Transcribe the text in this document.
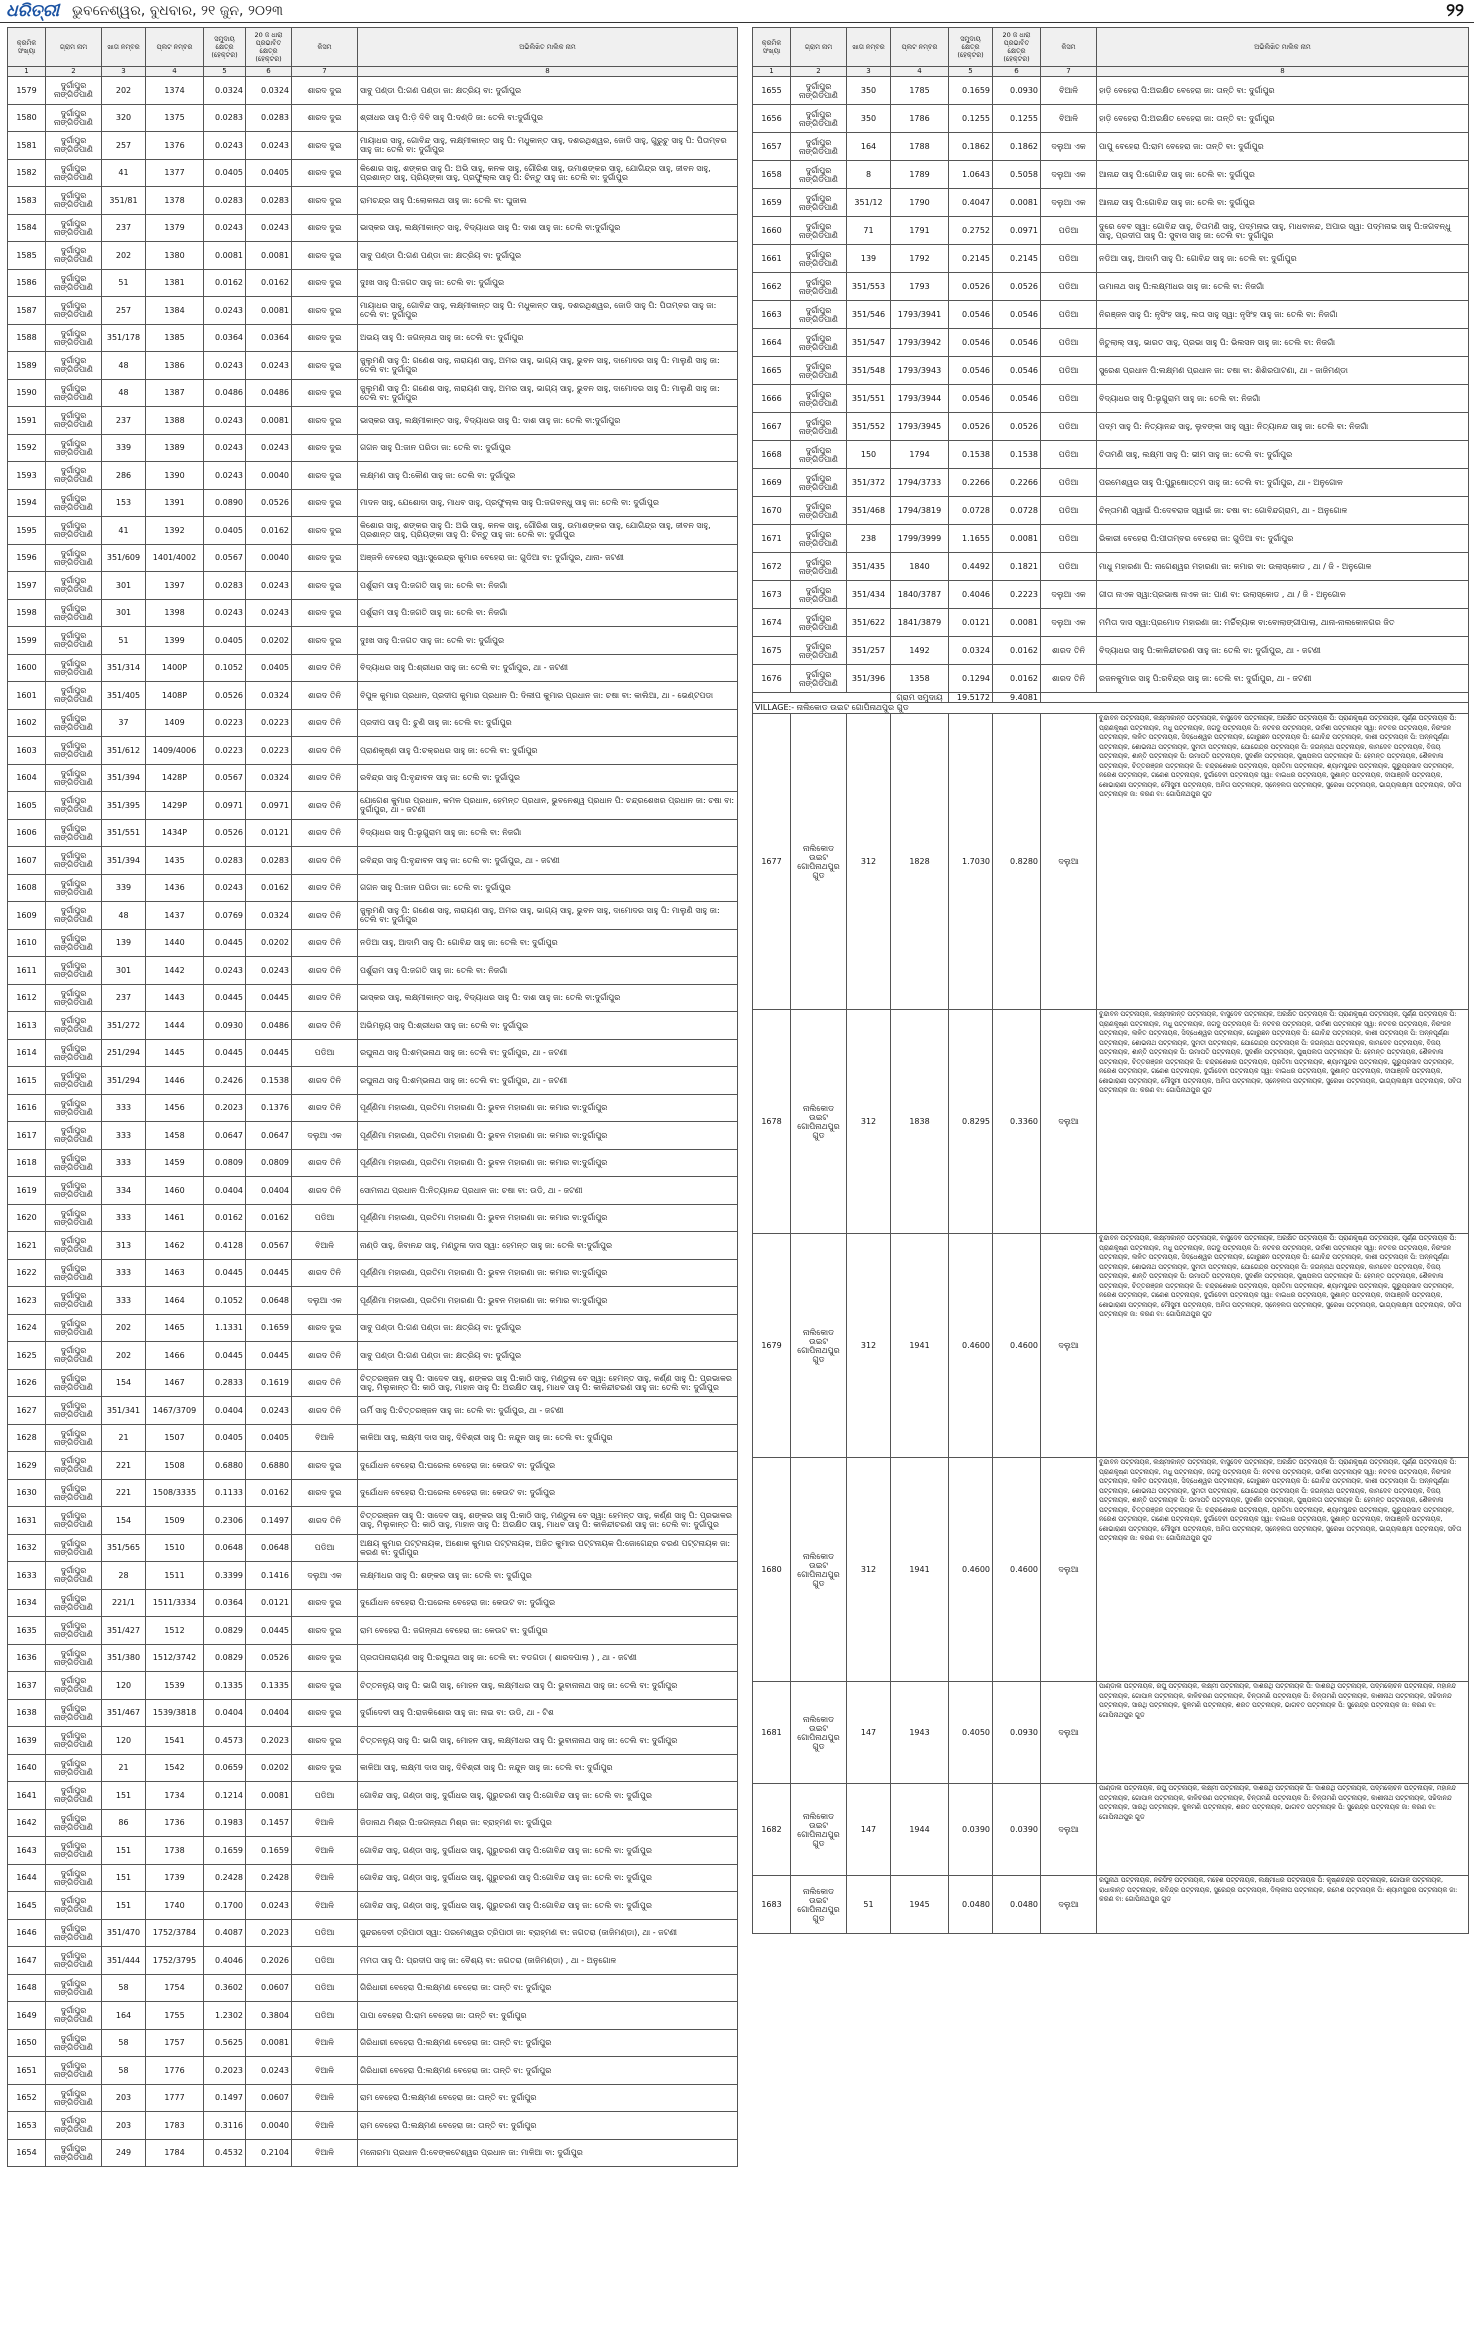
ଧରିତ୍ରୀ ଭୁବନେଶ୍ୱର, ବୁଧବାର, ୨୧ ଜୁନ, ୨୦୨୩	୨୨
କ୍ରମିକ ସଂଖ୍ୟା	ଗ୍ରାମ ନାମ	ଖାତା ନମ୍ବର	ପ୍ଲଟ ନମ୍ବର	ସମୁଦାୟ କ୍ଷେତ୍ର (ହେକ୍ଟର)	20 ଜ ଧାରା ପ୍ରଭାବିତ କ୍ଷେତ୍ର (ହେକ୍ଟର)	କିସମ	ଅଭିଲିଖିତ ମାଲିକ ନାମ
1	2	3	4	5	6	7	8
1579	ଦୁର୍ଗାପୁର ନାଙ୍ଗିଡିପାଣି	202	1374	0.0324	0.0324	ଶାରଦ ଦୁଇ	ସାବୁ ପଣ୍ଡା ପି:ଗଣ ପଣ୍ଡା ଜା: କ୍ଷତ୍ରିୟ ବା: ଦୁର୍ଗାପୁର
1580	ଦୁର୍ଗାପୁର ନାଙ୍ଗିଡିପାଣି	320	1375	0.0283	0.0283	ଶାରଦ ଦୁଇ	ଶ୍ରୀଧର ସାହୁ ପି:ଡ଼ି ଦିବି ସାହୁ ପି:ଦଣ୍ଡି ଜା: ତେଲି ବା:ଦୁର୍ଗାପୁର
1581	ଦୁର୍ଗାପୁର ନାଙ୍ଗିଡିପାଣି	257	1376	0.0243	0.0243	ଶାରଦ ଦୁଇ	ମାୟାଧର ସାହୁ, ଗୋବିନ୍ଦ ସାହୁ, ଲକ୍ଷ୍ମୀକାନ୍ତ ସାହୁ ପି: ମଧୁକାନ୍ତ ସାହୁ, ଦଶରଥିଶ୍ୱର, ଜୋଡି ସାହୁ, ଗୁରୁଚୁ ସାହୁ ପି: ପିତାମ୍ବର ସାହୁ ଜା: ତେଲି ବା: ଦୁର୍ଗାପୁର
1582	ଦୁର୍ଗାପୁର ନାଙ୍ଗିଡିପାଣି	41	1377	0.0405	0.0405	ଶାରଦ ଦୁଇ	କିଶୋର ସାହୁ, ଶଙ୍କର ସାହୁ ପି: ଅଭି ସାହୁ, କନକ ସାହୁ, ଗୌରିଶ ସାହୁ, ଉମାଶଙ୍କର ସାହୁ, ଯୋଗିନ୍ଦ୍ର ସାହୁ, ଜୀବନ ସାହୁ, ପ୍ରଶାନ୍ତ ସାହୁ, ପ୍ରିୟଙ୍କା ସାହୁ, ପ୍ରଫୁଲ୍ଲ ସାହୁ ପି: ଚିନ୍ତୁ ସାହୁ ଜା: ତେଲି ବା: ଦୁର୍ଗାପୁର
1583	ଦୁର୍ଗାପୁର ନାଙ୍ଗିଡିପାଣି	351/81	1378	0.0283	0.0283	ଶାରଦ ଦୁଇ	ରାମଚନ୍ଦ୍ର ସାହୁ ପି:ଲୋକନାଥ ସାହୁ ଜା: ତେଲି ବା: ଘୁଜାଲ
1584	ଦୁର୍ଗାପୁର ନାଙ୍ଗିଡିପାଣି	237	1379	0.0243	0.0243	ଶାରଦ ଦୁଇ	ଭାସ୍କର ସାହୁ, ଲକ୍ଷ୍ମୀକାନ୍ତ ସାହୁ, ବିଦ୍ୟାଧର ସାହୁ ପି: ଦାଶ ସାହୁ ଜା: ତେଲି ବା:ଦୁର୍ଗାପୁର
1585	ଦୁର୍ଗାପୁର ନାଙ୍ଗିଡିପାଣି	202	1380	0.0081	0.0081	ଶାରଦ ଦୁଇ	ସାବୁ ପଣ୍ଡା ପି:ଗଣ ପଣ୍ଡା ଜା: କ୍ଷତ୍ରିୟ ବା: ଦୁର୍ଗାପୁର
1586	ଦୁର୍ଗାପୁର ନାଙ୍ଗିଡିପାଣି	51	1381	0.0162	0.0162	ଶାରଦ ଦୁଇ	ଦୁଃଖ ସାହୁ ପି:ଜଗତ ସାହୁ ଜା: ତେଲି ବା: ଦୁର୍ଗାପୁର
1587	ଦୁର୍ଗାପୁର ନାଙ୍ଗିଡିପାଣି	257	1384	0.0243	0.0081	ଶାରଦ ଦୁଇ	ମାୟାଧର ସାହୁ, ଗୋବିନ୍ଦ ସାହୁ, ଲକ୍ଷ୍ମୀକାନ୍ତ ସାହୁ ପି: ମଧୁକାନ୍ତ ସାହୁ, ଦଶରଥିଶ୍ୱର, ଜୋଡି ସାହୁ ପି: ପିତାମ୍ବର ସାହୁ ଜା: ତେଲି ବା: ଦୁର୍ଗାପୁର
1588	ଦୁର୍ଗାପୁର ନାଙ୍ଗିଡିପାଣି	351/178	1385	0.0364	0.0364	ଶାରଦ ଦୁଇ	ଅଭୟ ସାହୁ ପି: ଜଗନ୍ନାଥ ସାହୁ ଜା: ତେଲି ବା: ଦୁର୍ଗାପୁର
1589	ଦୁର୍ଗାପୁର ନାଙ୍ଗିଡିପାଣି	48	1386	0.0243	0.0243	ଶାରଦ ଦୁଇ	ଜୁଲୁମଣି ସାହୁ ପି: ଗଣେଶ ସାହୁ, ନାରାୟଣ ସାହୁ, ଅମର ସାହୁ, ଭାଗ୍ୟ ସାହୁ, ଭୁବନ ସାହୁ, ଦାମୋଦର ସାହୁ ପି: ମାଲୁଣି ସାହୁ ଜା: ତେଲି ବା: ଦୁର୍ଗାପୁର
1590	ଦୁର୍ଗାପୁର ନାଙ୍ଗିଡିପାଣି	48	1387	0.0486	0.0486	ଶାରଦ ଦୁଇ	ଜୁଲୁମଣି ସାହୁ ପି: ଗଣେଶ ସାହୁ, ନାରାୟଣ ସାହୁ, ଅମର ସାହୁ, ଭାଗ୍ୟ ସାହୁ, ଭୁବନ ସାହୁ, ଦାମୋଦର ସାହୁ ପି: ମାଲୁଣି ସାହୁ ଜା: ତେଲି ବା: ଦୁର୍ଗାପୁର
1591	ଦୁର୍ଗାପୁର ନାଙ୍ଗିଡିପାଣି	237	1388	0.0243	0.0081	ଶାରଦ ଦୁଇ	ଭାସ୍କର ସାହୁ, ଲକ୍ଷ୍ମୀକାନ୍ତ ସାହୁ, ବିଦ୍ୟାଧର ସାହୁ ପି: ଦାଶ ସାହୁ ଜା: ତେଲି ବା:ଦୁର୍ଗାପୁର
1592	ଦୁର୍ଗାପୁର ନାଙ୍ଗିଡିପାଣି	339	1389	0.0243	0.0243	ଶାରଦ ଦୁଇ	ଗଗନ ସାହୁ ପି:ଜାନ ପରିଡା ଜା: ତେଲି ବା: ଦୁର୍ଗାପୁର
1593	ଦୁର୍ଗାପୁର ନାଙ୍ଗିଡିପାଣି	286	1390	0.0243	0.0040	ଶାରଦ ଦୁଇ	ଲକ୍ଷ୍ମଣ ସାହୁ ପି:କୌଣ ସାହୁ ଜା: ତେଲି ବା: ଦୁର୍ଗାପୁର
1594	ଦୁର୍ଗାପୁର ନାଙ୍ଗିଡିପାଣି	153	1391	0.0890	0.0526	ଶାରଦ ଦୁଇ	ମାଦନ ସାହୁ, ଯେଶୋଦା ସାହୁ, ମାଧବ ସାହୁ, ପ୍ରଫୁଲ୍ଲ ସାହୁ ପି:ଜଗବନ୍ଧୁ ସାହୁ ଜା: ତେଲି ବା: ଦୁର୍ଗାପୁର
1595	ଦୁର୍ଗାପୁର ନାଙ୍ଗିଡିପାଣି	41	1392	0.0405	0.0162	ଶାରଦ ଦୁଇ	କିଶୋର ସାହୁ, ଶଙ୍କର ସାହୁ ପି: ଅଭି ସାହୁ, କନକ ସାହୁ, ଗୌରିଶ ସାହୁ, ଉମାଶଙ୍କର ସାହୁ, ଯୋଗିନ୍ଦ୍ର ସାହୁ, ଜୀବନ ସାହୁ, ପ୍ରଶାନ୍ତ ସାହୁ, ପ୍ରିୟଙ୍କା ସାହୁ ପି: ଚିନ୍ତୁ ସାହୁ ଜା: ତେଲି ବା: ଦୁର୍ଗାପୁର
1596	ଦୁର୍ଗାପୁର ନାଙ୍ଗିଡିପାଣି	351/609	1401/4002	0.0567	0.0040	ଶାରଦ ଦୁଇ	ଅଞ୍ଜଳି ବେହେରା ସ୍ୱା:ସୁରେନ୍ଦ୍ର କୁମାର ବେହେରା ଜା: ଗୁଡିଆ ବା: ଦୁର୍ଗାପୁର, ଥାନା- ଜଟଣୀ
1597	ଦୁର୍ଗାପୁର ନାଙ୍ଗିଡିପାଣି	301	1397	0.0283	0.0243	ଶାରଦ ଦୁଇ	ପର୍ଶୁରାମ ସାହୁ ପି:ଜଗତି ସାହୁ ଜା: ତେଲି ବା: ନିଜଗାଁ
1598	ଦୁର୍ଗାପୁର ନାଙ୍ଗିଡିପାଣି	301	1398	0.0243	0.0243	ଶାରଦ ଦୁଇ	ପର୍ଶୁରାମ ସାହୁ ପି:ଜଗତି ସାହୁ ଜା: ତେଲି ବା: ନିଜଗାଁ
1599	ଦୁର୍ଗାପୁର ନାଙ୍ଗିଡିପାଣି	51	1399	0.0405	0.0202	ଶାରଦ ଦୁଇ	ଦୁଃଖ ସାହୁ ପି:ଜଗତ ସାହୁ ଜା: ତେଲି ବା: ଦୁର୍ଗାପୁର
1600	ଦୁର୍ଗାପୁର ନାଙ୍ଗିଡିପାଣି	351/314	1400P	0.1052	0.0405	ଶାରଦ ତିନି	ବିଦ୍ୟାଧର ସାହୁ ପି:ଶ୍ରୀଧର ସାହୁ ଜା: ତେଲି ବା: ଦୁର୍ଗାପୁର, ଥା - ଜଟଣୀ
1601	ଦୁର୍ଗାପୁର ନାଙ୍ଗିଡିପାଣି	351/405	1408P	0.0526	0.0324	ଶାରଦ ତିନି	ବିପୁଳ କୁମାର ପ୍ରଧାନ, ପ୍ରଦୀପ କୁମାର ପ୍ରଧାନ ପି: ଦିଲୀପ କୁମାର ପ୍ରଧାନ ଜା: ଚଷା ବା: କାଲିଆ, ଥା - ଭେଣ୍ଟପଡା
1602	ଦୁର୍ଗାପୁର ନାଙ୍ଗିଡିପାଣି	37	1409	0.0223	0.0223	ଶାରଦ ତିନି	ପ୍ରଦୀପ ସାହୁ ପି: ଚୁଣି ସାହୁ ଜା: ତେଲି ବା: ଦୁର୍ଗାପୁର
1603	ଦୁର୍ଗାପୁର ନାଙ୍ଗିଡିପାଣି	351/612	1409/4006	0.0223	0.0223	ଶାରଦ ତିନି	ପ୍ରାଣକୃଷ୍ଣ ସାହୁ ପି:ଚକ୍ରଧର ସାହୁ ଜା: ତେଲି ବା: ଦୁର୍ଗାପୁର
1604	ଦୁର୍ଗାପୁର ନାଙ୍ଗିଡିପାଣି	351/394	1428P	0.0567	0.0324	ଶାରଦ ତିନି	ରବିନ୍ଦ୍ର ସାହୁ ପି:ବୃନ୍ଦାବନ ସାହୁ ଜା: ତେଲି ବା: ଦୁର୍ଗାପୁର
1605	ଦୁର୍ଗାପୁର ନାଙ୍ଗିଡିପାଣି	351/395	1429P	0.0971	0.0971	ଶାରଦ ତିନି	ଯୋଗେଶ କୁମାର ପ୍ରଧାନ, କମଳ ପ୍ରଧାନ, ହେମନ୍ତ ପ୍ରଧାନ, ଭୁବନେଶ୍ୱ ପ୍ରଧାନ ପି: ଚନ୍ଦ୍ରଶେଖର ପ୍ରଧାନ ଜା: ଚଷା ବା: ଦୁର୍ଗାପୁର, ଥା - ଜଟଣୀ
1606	ଦୁର୍ଗାପୁର ନାଙ୍ଗିଡିପାଣି	351/551	1434P	0.0526	0.0121	ଶାରଦ ତିନି	ବିଦ୍ୟାଧର ସାହୁ ପି:ଭୃଗୁରାମ ସାହୁ ଜା: ତେଲି ବା: ନିଜଗାଁ
1607	ଦୁର୍ଗାପୁର ନାଙ୍ଗିଡିପାଣି	351/394	1435	0.0283	0.0283	ଶାରଦ ତିନି	ରବିନ୍ଦ୍ର ସାହୁ ପି:ବୃନ୍ଦାବନ ସାହୁ ଜା: ତେଲି ବା: ଦୁର୍ଗାପୁର, ଥା - ଜଟଣୀ
1608	ଦୁର୍ଗାପୁର ନାଙ୍ଗିଡିପାଣି	339	1436	0.0243	0.0162	ଶାରଦ ତିନି	ଗଗନ ସାହୁ ପି:ଜାନ ପରିଡା ଜା: ତେଲି ବା: ଦୁର୍ଗାପୁର
1609	ଦୁର୍ଗାପୁର ନାଙ୍ଗିଡିପାଣି	48	1437	0.0769	0.0324	ଶାରଦ ତିନି	ଜୁଲୁମଣି ସାହୁ ପି: ଗଣେଶ ସାହୁ, ନାରାୟଣ ସାହୁ, ଅମର ସାହୁ, ଭାଗ୍ୟ ସାହୁ, ଭୁବନ ସାହୁ, ଦାମୋଦର ସାହୁ ପି: ମାଲୁଣି ସାହୁ ଜା: ତେଲି ବା: ଦୁର୍ଗାପୁର
1610	ଦୁର୍ଗାପୁର ନାଙ୍ଗିଡିପାଣି	139	1440	0.0445	0.0202	ଶାରଦ ତିନି	ନଡିଆ ସାହୁ, ଆଦାମି ସାହୁ ପି: ଗୋବିନ୍ଦ ସାହୁ ଜା: ତେଲି ବା: ଦୁର୍ଗାପୁର
1611	ଦୁର୍ଗାପୁର ନାଙ୍ଗିଡିପାଣି	301	1442	0.0243	0.0243	ଶାରଦ ତିନି	ପର୍ଶୁରାମ ସାହୁ ପି:ଜଗତି ସାହୁ ଜା: ତେଲି ବା: ନିଜଗାଁ
1612	ଦୁର୍ଗାପୁର ନାଙ୍ଗିଡିପାଣି	237	1443	0.0445	0.0445	ଶାରଦ ତିନି	ଭାସ୍କର ସାହୁ, ଲକ୍ଷ୍ମୀକାନ୍ତ ସାହୁ, ବିଦ୍ୟାଧର ସାହୁ ପି: ଦାଶ ସାହୁ ଜା: ତେଲି ବା:ଦୁର୍ଗାପୁର
1613	ଦୁର୍ଗାପୁର ନାଙ୍ଗିଡିପାଣି	351/272	1444	0.0930	0.0486	ଶାରଦ ତିନି	ଅଭିମନ୍ୟୁ ସାହୁ ପି:ଶ୍ରୀଧର ସାହୁ ଜା: ତେଲି ବା: ଦୁର୍ଗାପୁର
1614	ଦୁର୍ଗାପୁର ନାଙ୍ଗିଡିପାଣି	251/294	1445	0.0445	0.0445	ପଡିଆ	ରଘୁନାଥ ସାହୁ ପି:ଶମ୍ଭନାଥ ସାହୁ ଜା: ତେଲି ବା: ଦୁର୍ଗାପୁର, ଥା - ଜଟଣୀ
1615	ଦୁର୍ଗାପୁର ନାଙ୍ଗିଡିପାଣି	351/294	1446	0.2426	0.1538	ଶାରଦ ତିନି	ରଘୁନାଥ ସାହୁ ପି:ଶମ୍ଭନାଥ ସାହୁ ଜା: ତେଲି ବା: ଦୁର୍ଗାପୁର, ଥା - ଜଟଣୀ
1616	ଦୁର୍ଗାପୁର ନାଙ୍ଗିଡିପାଣି	333	1456	0.2023	0.1376	ଶାରଦ ତିନି	ପୂର୍ଣ୍ଣିମା ମହାରଣା, ପ୍ରତିମା ମହାରଣା ପି: ଭୁବନ ମହାରଣା ଜା: କମାର ବା:ଦୁର୍ଗାପୁର
1617	ଦୁର୍ଗାପୁର ନାଙ୍ଗିଡିପାଣି	333	1458	0.0647	0.0647	ଦଲୁଆ ଏକ	ପୂର୍ଣ୍ଣିମା ମହାରଣା, ପ୍ରତିମା ମହାରଣା ପି: ଭୁବନ ମହାରଣା ଜା: କମାର ବା:ଦୁର୍ଗାପୁର
1618	ଦୁର୍ଗାପୁର ନାଙ୍ଗିଡିପାଣି	333	1459	0.0809	0.0809	ଶାରଦ ତିନି	ପୂର୍ଣ୍ଣିମା ମହାରଣା, ପ୍ରତିମା ମହାରଣା ପି: ଭୁବନ ମହାରଣା ଜା: କମାର ବା:ଦୁର୍ଗାପୁର
1619	ଦୁର୍ଗାପୁର ନାଙ୍ଗିଡିପାଣି	334	1460	0.0404	0.0404	ଶାରଦ ତିନି	ସୋମନାଥ ପ୍ରଧାନ ପି:ନିତ୍ୟାନନ୍ଦ ପ୍ରଧାନ ଜା: ଚଷା ବା: ଉଡି, ଥା - ଜଟଣୀ
1620	ଦୁର୍ଗାପୁର ନାଙ୍ଗିଡିପାଣି	333	1461	0.0162	0.0162	ପଡିଆ	ପୂର୍ଣ୍ଣିମା ମହାରଣା, ପ୍ରତିମା ମହାରଣା ପି: ଭୁବନ ମହାରଣା ଜା: କମାର ବା:ଦୁର୍ଗାପୁର
1621	ଦୁର୍ଗାପୁର ନାଙ୍ଗିଡିପାଣି	313	1462	0.4128	0.0567	ବିଆଳି	ନାଣ୍ଡି ସାହୁ, ଜିବାନନ୍ଦ ସାହୁ, ମଣ୍ଡୁଳା ଦାସ ସ୍ୱା: ହେମନ୍ତ ସାହୁ ଜା: ତେଲି ବା:ଦୁର୍ଗାପୁର
1622	ଦୁର୍ଗାପୁର ନାଙ୍ଗିଡିପାଣି	333	1463	0.0445	0.0445	ଶାରଦ ତିନି	ପୂର୍ଣ୍ଣିମା ମହାରଣା, ପ୍ରତିମା ମହାରଣା ପି: ଭୁବନ ମହାରଣା ଜା: କମାର ବା:ଦୁର୍ଗାପୁର
1623	ଦୁର୍ଗାପୁର ନାଙ୍ଗିଡିପାଣି	333	1464	0.1052	0.0648	ଦଲୁଆ ଏକ	ପୂର୍ଣ୍ଣିମା ମହାରଣା, ପ୍ରତିମା ମହାରଣା ପି: ଭୁବନ ମହାରଣା ଜା: କମାର ବା:ଦୁର୍ଗାପୁର
1624	ଦୁର୍ଗାପୁର ନାଙ୍ଗିଡିପାଣି	202	1465	1.1331	0.1659	ଶାରଦ ଦୁଇ	ସାବୁ ପଣ୍ଡା ପି:ଗଣ ପଣ୍ଡା ଜା: କ୍ଷତ୍ରିୟ ବା: ଦୁର୍ଗାପୁର
1625	ଦୁର୍ଗାପୁର ନାଙ୍ଗିଡିପାଣି	202	1466	0.0445	0.0445	ଶାରଦ ତିନି	ସାବୁ ପଣ୍ଡା ପି:ଗଣ ପଣ୍ଡା ଜା: କ୍ଷତ୍ରିୟ ବା: ଦୁର୍ଗାପୁର
1626	ଦୁର୍ଗାପୁର ନାଙ୍ଗିଡିପାଣି	154	1467	0.2833	0.1619	ଶାରଦ ତିନି	ଚିତ୍ତରଞ୍ଜନ ସାହୁ ପି: ସାଦେବ ସାହୁ, ଶଙ୍କର ସାହୁ ପି:କାଠି ସାହୁ, ମଣ୍ଡୁଳା ବେ ସ୍ୱା: ହେମନ୍ତ ସାହୁ, କର୍ଣ୍ଣ ସାହୁ ପି: ପ୍ରଭାକର ସାହୁ, ମିଲୁକାନ୍ତ ପି: କାଠି ସାହୁ, ମାହାନ ସାହୁ ପି: ଅରକ୍ଷିତ ସାହୁ, ମାଧବ ସାହୁ ପି: କାଳିନ୍ଦୀଚରଣ ସାହୁ ଜା: ତେଲି ବା: ଦୁର୍ଗାପୁର
1627	ଦୁର୍ଗାପୁର ନାଙ୍ଗିଡିପାଣି	351/341	1467/3709	0.0404	0.0243	ଶାରଦ ତିନି	ଉର୍ମି ସାହୁ ପି:ଚିତ୍ତରଞ୍ଜନ ସାହୁ ଜା: ତେଲି ବା: ଦୁର୍ଗାପୁର, ଥା - ଜଟଣୀ
1628	ଦୁର୍ଗାପୁର ନାଙ୍ଗିଡିପାଣି	21	1507	0.0405	0.0405	ବିଆଳି	କାଳିଆ ସାହୁ, ଲକ୍ଷ୍ମୀ ଦାସ ସାହୁ, ଦିବିଶ୍ରୀ ସାହୁ ପି: ନନ୍ଦୁନ ସାହୁ ଜା: ତେଲି ବା: ଦୁର୍ଗାପୁର
1629	ଦୁର୍ଗାପୁର ନାଙ୍ଗିଡିପାଣି	221	1508	0.6880	0.6880	ଶାରଦ ଦୁଇ	ଦୁର୍ଯୋଧନ ବେହେରା ପି:ଘରେଲ ବେହେରା ଜା: କେଉଟ ବା: ଦୁର୍ଗାପୁର
1630	ଦୁର୍ଗାପୁର ନାଙ୍ଗିଡିପାଣି	221	1508/3335	0.1133	0.0162	ଶାରଦ ଦୁଇ	ଦୁର୍ଯୋଧନ ବେହେରା ପି:ଘରେଲ ବେହେରା ଜା: କେଉଟ ବା: ଦୁର୍ଗାପୁର
1631	ଦୁର୍ଗାପୁର ନାଙ୍ଗିଡିପାଣି	154	1509	0.2306	0.1497	ଶାରଦ ତିନି	ଚିତ୍ତରଞ୍ଜନ ସାହୁ ପି: ସାଦେବ ସାହୁ, ଶଙ୍କର ସାହୁ ପି:କାଠି ସାହୁ, ମଣ୍ଡୁଳା ବେ ସ୍ୱା: ହେମନ୍ତ ସାହୁ, କର୍ଣ୍ଣ ସାହୁ ପି: ପ୍ରଭାକର ସାହୁ, ମିଲୁକାନ୍ତ ପି: କାଠି ସାହୁ, ମାହାନ ସାହୁ ପି: ଅରକ୍ଷିତ ସାହୁ, ମାଧବ ସାହୁ ପି: କାଳିନ୍ଦୀଚରଣ ସାହୁ ଜା: ତେଲି ବା: ଦୁର୍ଗାପୁର
1632	ଦୁର୍ଗାପୁର ନାଙ୍ଗିଡିପାଣି	351/565	1510	0.0648	0.0648	ପଡିଆ	ଅକ୍ଷୟ କୁମାର ପଟ୍ଟନାୟକ, ଅଶୋକ କୁମାର ପଟ୍ଟନାୟକ, ଅଜିତ କୁମାର ପଟ୍ଟନାୟକ ପି:ଜୋଗେନ୍ଦ୍ର ଚରଣ ପଟ୍ଟନାୟକ ଜା: କରଣ ବା: ଦୁର୍ଗାପୁର
1633	ଦୁର୍ଗାପୁର ନାଙ୍ଗିଡିପାଣି	28	1511	0.3399	0.1416	ଦଲୁଆ ଏକ	ଲକ୍ଷ୍ମୀଧର ସାହୁ ପି: ଶଙ୍କର ସାହୁ ଜା: ତେଲି ବା: ଦୁର୍ଗାପୁର
1634	ଦୁର୍ଗାପୁର ନାଙ୍ଗିଡିପାଣି	221/1	1511/3334	0.0364	0.0121	ଶାରଦ ଦୁଇ	ଦୁର୍ଯୋଧନ ବେହେରା ପି:ଘରେଲ ବେହେରା ଜା: କେଉଟ ବା: ଦୁର୍ଗାପୁର
1635	ଦୁର୍ଗାପୁର ନାଙ୍ଗିଡିପାଣି	351/427	1512	0.0829	0.0445	ଶାରଦ ଦୁଇ	ରାମ ବେହେରା ପି: ଜଗନ୍ନାଥ ବେହେରା ଜା: କେଉଟ ବା: ଦୁର୍ଗାପୁର
1636	ଦୁର୍ଗାପୁର ନାଙ୍ଗିଡିପାଣି	351/380	1512/3742	0.0829	0.0526	ଶାରଦ ଦୁଇ	ପ୍ରତାପନାରାୟଣ ସାହୁ ପି:ରଘୁନାଥ ସାହୁ ଜା: ତେଲି ବା: ବଡଗଡା ( ଶାରଦପାଲା ) , ଥା - ଜଟଣୀ
1637	ଦୁର୍ଗାପୁର ନାଙ୍ଗିଡିପାଣି	120	1539	0.1335	0.1335	ଶାରଦ ଦୁଇ	ଚିତ୍ତନନ୍ୟୁ ସାହୁ ପି: ଭାଗି ସାହୁ, ମୋହନ ସାହୁ, ଲକ୍ଷ୍ମୀଧର ସାହୁ ପି: ଭୁବାନାନାଥ ସାହୁ ଜା: ତେଲି ବା: ଦୁର୍ଗାପୁର
1638	ଦୁର୍ଗାପୁର ନାଙ୍ଗିଡିପାଣି	351/467	1539/3818	0.0404	0.0404	ଶାରଦ ଦୁଇ	ଦୁର୍ଗାଦେବୀ ସାହୁ ପି:ରାଜକିଶୋର ସାହୁ ଜା: ନାଇ ବା: ଉଡି, ଥା - ଟିଶ
1639	ଦୁର୍ଗାପୁର ନାଙ୍ଗିଡିପାଣି	120	1541	0.4573	0.2023	ଶାରଦ ଦୁଇ	ଚିତ୍ତନନ୍ୟୁ ସାହୁ ପି: ଭାଗି ସାହୁ, ମୋହନ ସାହୁ, ଲକ୍ଷ୍ମୀଧର ସାହୁ ପି: ଭୁବାନାନାଥ ସାହୁ ଜା: ତେଲି ବା: ଦୁର୍ଗାପୁର
1640	ଦୁର୍ଗାପୁର ନାଙ୍ଗିଡିପାଣି	21	1542	0.0659	0.0202	ଶାରଦ ଦୁଇ	କାଳିଆ ସାହୁ, ଲକ୍ଷ୍ମୀ ଦାସ ସାହୁ, ଦିବିଶ୍ରୀ ସାହୁ ପି: ନନ୍ଦୁନ ସାହୁ ଜା: ତେଲି ବା: ଦୁର୍ଗାପୁର
1641	ଦୁର୍ଗାପୁର ନାଙ୍ଗିଡିପାଣି	151	1734	0.1214	0.0081	ପଡିଆ	ଗୋବିନ୍ଦ ସାହୁ, ଗଣ୍ଡା ସାହୁ, ଦୁର୍ଗାଧର ସାହୁ, ଗୁରୁଚରଣ ସାହୁ ପି:ଗୋବିନ୍ଦ ସାହୁ ଜା: ତେଲି ବା: ଦୁର୍ଗାପୁର
1642	ଦୁର୍ଗାପୁର ନାଙ୍ଗିଡିପାଣି	86	1736	0.1983	0.1457	ବିଆଳି	ଜିଡାନାଥ ମିଶ୍ର ପି:ଜଗନ୍ନାଥ ମିଶ୍ର ଜା: ବ୍ରାହ୍ମଣ ବା: ଦୁର୍ଗାପୁର
1643	ଦୁର୍ଗାପୁର ନାଙ୍ଗିଡିପାଣି	151	1738	0.1659	0.1659	ବିଆଳି	ଗୋବିନ୍ଦ ସାହୁ, ଗଣ୍ଡା ସାହୁ, ଦୁର୍ଗାଧର ସାହୁ, ଗୁରୁଚରଣ ସାହୁ ପି:ଗୋବିନ୍ଦ ସାହୁ ଜା: ତେଲି ବା: ଦୁର୍ଗାପୁର
1644	ଦୁର୍ଗାପୁର ନାଙ୍ଗିଡିପାଣି	151	1739	0.2428	0.2428	ବିଆଳି	ଗୋବିନ୍ଦ ସାହୁ, ଗଣ୍ଡା ସାହୁ, ଦୁର୍ଗାଧର ସାହୁ, ଗୁରୁଚରଣ ସାହୁ ପି:ଗୋବିନ୍ଦ ସାହୁ ଜା: ତେଲି ବା: ଦୁର୍ଗାପୁର
1645	ଦୁର୍ଗାପୁର ନାଙ୍ଗିଡିପାଣି	151	1740	0.1700	0.0243	ବିଆଳି	ଗୋବିନ୍ଦ ସାହୁ, ଗଣ୍ଡା ସାହୁ, ଦୁର୍ଗାଧର ସାହୁ, ଗୁରୁଚରଣ ସାହୁ ପି:ଗୋବିନ୍ଦ ସାହୁ ଜା: ତେଲି ବା: ଦୁର୍ଗାପୁର
1646	ଦୁର୍ଗାପୁର ନାଙ୍ଗିଡିପାଣି	351/470	1752/3784	0.4087	0.2023	ପଡିଆ	ସୁନ୍ଦରଦେବୀ ତ୍ରିପାଠୀ ସ୍ୱା: ପରମେଶ୍ୱର ତ୍ରିପାଠୀ ଜା: ବ୍ରାହ୍ମଣ ବା: ଜଗତରା (ଜାଜିମଣ୍ଡା), ଥା - ଜଟଣୀ
1647	ଦୁର୍ଗାପୁର ନାଙ୍ଗିଡିପାଣି	351/444	1752/3795	0.4046	0.2026	ପଡିଆ	ମମତା ସାହୁ ପି: ପ୍ରଦୀପ ସାହୁ ଜା: ବୈଶ୍ୟ ବା: ଜଗତରା (ଜାଜିମଣ୍ଡା) , ଥା - ଅନୁଗୋଳ
1648	ଦୁର୍ଗାପୁର ନାଙ୍ଗିଡିପାଣି	58	1754	0.3602	0.0607	ପଡିଆ	ଗିରିଧାରୀ ବେହେରା ପି:ଲକ୍ଷ୍ମଣ ବେହେରା ଜା: ତାନ୍ତି ବା: ଦୁର୍ଗାପୁର
1649	ଦୁର୍ଗାପୁର ନାଙ୍ଗିଡିପାଣି	164	1755	1.2302	0.3804	ପଡିଆ	ପାପା ବେହେରା ପି:ରାମ ବେହେରା ଜା: ତାନ୍ତି ବା: ଦୁର୍ଗାପୁର
1650	ଦୁର୍ଗାପୁର ନାଙ୍ଗିଡିପାଣି	58	1757	0.5625	0.0081	ବିଆଳି	ଗିରିଧାରୀ ବେହେରା ପି:ଲକ୍ଷ୍ମଣ ବେହେରା ଜା: ତାନ୍ତି ବା: ଦୁର୍ଗାପୁର
1651	ଦୁର୍ଗାପୁର ନାଙ୍ଗିଡିପାଣି	58	1776	0.2023	0.0243	ବିଆଳି	ଗିରିଧାରୀ ବେହେରା ପି:ଲକ୍ଷ୍ମଣ ବେହେରା ଜା: ତାନ୍ତି ବା: ଦୁର୍ଗାପୁର
1652	ଦୁର୍ଗାପୁର ନାଙ୍ଗିଡିପାଣି	203	1777	0.1497	0.0607	ବିଆଳି	ରାମ ବେହେରା ପି:ଲକ୍ଷ୍ମଣ ବେହେରା ଜା: ତାନ୍ତି ବା: ଦୁର୍ଗାପୁର
1653	ଦୁର୍ଗାପୁର ନାଙ୍ଗିଡିପାଣି	203	1783	0.3116	0.0040	ବିଆଳି	ରାମ ବେହେରା ପି:ଲକ୍ଷ୍ମଣ ବେହେରା ଜା: ତାନ୍ତି ବା: ଦୁର୍ଗାପୁର
1654	ଦୁର୍ଗାପୁର ନାଙ୍ଗିଡିପାଣି	249	1784	0.4532	0.2104	ବିଆଳି	ମନୋରମା ପ୍ରଧାନ ପି:ବେଙ୍କଟେଶ୍ୱର ପ୍ରଧାନ ଜା: ମାଳିଆ ବା: ଦୁର୍ଗାପୁର
କ୍ରମିକ ସଂଖ୍ୟା	ଗ୍ରାମ ନାମ	ଖାତା ନମ୍ବର	ପ୍ଲଟ ନମ୍ବର	ସମୁଦାୟ କ୍ଷେତ୍ର (ହେକ୍ଟର)	20 ଜ ଧାରା ପ୍ରଭାବିତ କ୍ଷେତ୍ର (ହେକ୍ଟର)	କିସମ	ଅଭିଲିଖିତ ମାଲିକ ନାମ
1	2	3	4	5	6	7	8
1655	ଦୁର୍ଗାପୁର ନାଙ୍ଗିଡିପାଣି	350	1785	0.1659	0.0930	ବିଆଳି	ହାଡ଼ି ବେହେରା ପି:ଅରକ୍ଷିତ ବେହେରା ଜା: ତାନ୍ତି ବା: ଦୁର୍ଗାପୁର
1656	ଦୁର୍ଗାପୁର ନାଙ୍ଗିଡିପାଣି	350	1786	0.1255	0.1255	ବିଆଳି	ହାଡ଼ି ବେହେରା ପି:ଅରକ୍ଷିତ ବେହେରା ଜା: ତାନ୍ତି ବା: ଦୁର୍ଗାପୁର
1657	ଦୁର୍ଗାପୁର ନାଙ୍ଗିଡିପାଣି	164	1788	0.1862	0.1862	ଦଲୁଆ ଏକ	ପାପୁ ବେହେରା ପି:ରାମ ବେହେରା ଜା: ତାନ୍ତି ବା: ଦୁର୍ଗାପୁର
1658	ଦୁର୍ଗାପୁର ନାଙ୍ଗିଡିପାଣି	8	1789	1.0643	0.5058	ଦଲୁଆ ଏକ	ଆନାନ୍ଦ ସାହୁ ପି:ଗୋବିନ୍ଦ ସାହୁ ଜା: ତେଲି ବା: ଦୁର୍ଗାପୁର
1659	ଦୁର୍ଗାପୁର ନାଙ୍ଗିଡିପାଣି	351/12	1790	0.4047	0.0081	ଦଲୁଆ ଏକ	ଆନାନ୍ଦ ସାହୁ ପି:ଗୋବିନ୍ଦ ସାହୁ ଜା: ତେଲି ବା: ଦୁର୍ଗାପୁର
1660	ଦୁର୍ଗାପୁର ନାଙ୍ଗିଡିପାଣି	71	1791	0.2752	0.0971	ପଡିଆ	ଦୁରେ ବେବ ସ୍ୱା: ଗୋବିନ୍ଦ ସାହୁ, ଚିତାମଣି ସାହୁ, ପଦ୍ମନାଭ ସାହୁ, ମାଧବାନନ୍ଦ, ଅପାର ସ୍ୱା: ପଦ୍ମନାଭ ସାହୁ ପି:ଜଗବନ୍ଧୁ ସାହୁ, ପ୍ରଦୀପ ସାହୁ ପି: ସୁବାସ ସାହୁ ଜା: ତେଲି ବା: ଦୁର୍ଗାପୁର
1661	ଦୁର୍ଗାପୁର ନାଙ୍ଗିଡିପାଣି	139	1792	0.2145	0.2145	ପଡିଆ	ନଡିଆ ସାହୁ, ଆଦାମି ସାହୁ ପି: ଗୋବିନ୍ଦ ସାହୁ ଜା: ତେଲି ବା: ଦୁର୍ଗାପୁର
1662	ଦୁର୍ଗାପୁର ନାଙ୍ଗିଡିପାଣି	351/553	1793	0.0526	0.0526	ପଡିଆ	ଉମାନାଥ ସାହୁ ପି:ଲକ୍ଷ୍ମୀଧର ସାହୁ ଜା: ତେଲି ବା: ନିଜଗାଁ
1663	ଦୁର୍ଗାପୁର ନାଙ୍ଗିଡିପାଣି	351/546	1793/3941	0.0546	0.0546	ପଡିଆ	ନିରଞ୍ଜନ ସାହୁ ପି: ନୃସିଂହ ସାହୁ, ଲତା ସାହୁ ସ୍ୱା: ନୃସିଂହ ସାହୁ ଜା: ତେଲି ବା: ନିଜଗାଁ
1664	ଦୁର୍ଗାପୁର ନାଙ୍ଗିଡିପାଣି	351/547	1793/3942	0.0546	0.0546	ପଡିଆ	ଜିତୁଲାଲ୍ ସାହୁ, ଭାରତ ସାହୁ, ପ୍ରଭା ସାହୁ ପି: ଭିଲସନ ସାହୁ ଜା: ତେଲି ବା: ନିଜଗାଁ
1665	ଦୁର୍ଗାପୁର ନାଙ୍ଗିଡିପାଣି	351/548	1793/3943	0.0546	0.0546	ପଡିଆ	ସୁରେଶ ପ୍ରଧାନ ପି:ଲକ୍ଷ୍ମଣ ପ୍ରଧାନ ଜା: ଚଷା ବା: ଶିଶିରପାଟଣା, ଥା - ଜାଜିମଣ୍ଡା
1666	ଦୁର୍ଗାପୁର ନାଙ୍ଗିଡିପାଣି	351/551	1793/3944	0.0546	0.0546	ପଡିଆ	ବିଦ୍ୟାଧର ସାହୁ ପି:ଭୃଗୁରାମ ସାହୁ ଜା: ତେଲି ବା: ନିଜଗାଁ
1667	ଦୁର୍ଗାପୁର ନାଙ୍ଗିଡିପାଣି	351/552	1793/3945	0.0526	0.0526	ପଡିଆ	ପଦ୍ମ ସାହୁ ପି: ନିତ୍ୟାନନ୍ଦ ସାହୁ, ଲୁବଙ୍କା ସାହୁ ସ୍ୱା: ନିତ୍ୟାନନ୍ଦ ସାହୁ ଜା: ତେଲି ବା: ନିଜଗାଁ
1668	ଦୁର୍ଗାପୁର ନାଙ୍ଗିଡିପାଣି	150	1794	0.1538	0.1538	ପଡିଆ	ଚିତାମଣି ସାହୁ, ଲକ୍ଷ୍ମୀ ସାହୁ ପି: ଭୀମ ସାହୁ ଜା: ତେଲି ବା: ଦୁର୍ଗାପୁର
1669	ଦୁର୍ଗାପୁର ନାଙ୍ଗିଡିପାଣି	351/372	1794/3733	0.2266	0.2266	ପଡିଆ	ପରମେଶ୍ୱର ସାହୁ ପି:ପୁରୁଷୋତ୍ତମ ସାହୁ ଜା: ତେଲି ବା: ଦୁର୍ଗାପୁର, ଥା - ଅନୁଗୋଳ
1670	ଦୁର୍ଗାପୁର ନାଙ୍ଗିଡିପାଣି	351/468	1794/3819	0.0728	0.0728	ପଡିଆ	ଚିନ୍ତାମଣି ସ୍ୱାଇଁ ପି:ଦେବରାଜ ସ୍ୱାଇଁ ଜା: ଚଷା ବା: ଗୋବିନ୍ଦଗ୍ରାମ, ଥା - ଅନୁଗୋଳ
1671	ଦୁର୍ଗାପୁର ନାଙ୍ଗିଡିପାଣି	238	1799/3999	1.1655	0.0081	ପଡିଆ	ଭିକାରୀ ବେହେରା ପି:ପୀତାମ୍ବର ବେହେରା ଜା: ଗୁଡିଆ ବା: ଦୁର୍ଗାପୁର
1672	ଦୁର୍ଗାପୁର ନାଙ୍ଗିଡିପାଣି	351/435	1840	0.4492	0.1821	ପଡିଆ	ମାଧୁ ମହାରଣା ପି: ନାଗେଶ୍ୱର ମହାରଣା ଜା: କମାର ବା: ଉଲାସ୍କୋଡ , ଥା / ଜି - ଅନୁଗୋଳ
1673	ଦୁର୍ଗାପୁର ନାଙ୍ଗିଡିପାଣି	351/434	1840/3787	0.4046	0.2223	ଦଲୁଆ ଏକ	ଗୀତା ନାଏକ ସ୍ୱା:ପ୍ରଭାଷ ନାଏକ ଜା: ପାଣ ବା: ଉଲାସ୍କୋଡ , ଥା / ଜି - ଅନୁଗୋଳ
1674	ଦୁର୍ଗାପୁର ନାଙ୍ଗିଡିପାଣି	351/622	1841/3879	0.0121	0.0081	ଦଲୁଆ ଏକ	ମମିତା ଦାସ ସ୍ୱା:ପ୍ରମୋଦ ମହାରଣା ଜା: ମର୍ଚ୍ଚିବ୍ୟାକ ବା:ବୋଲାଙ୍ଗୀପାଲା, ଥାନା-ନାଲକୋନଗର ଜିତ
1675	ଦୁର୍ଗାପୁର ନାଙ୍ଗିଡିପାଣି	351/257	1492	0.0324	0.0162	ଶାରଦ ତିନି	ବିଦ୍ୟାଧର ସାହୁ ପି:କାଳିନ୍ଦୀଚରଣ ସାହୁ ଜା: ତେଲି ବା: ଦୁର୍ଗାପୁର, ଥା - ଜଟଣୀ
1676	ଦୁର୍ଗାପୁର ନାଙ୍ଗିଡିପାଣି	351/396	1358	0.1294	0.0162	ଶାରଦ ତିନି	ରଜନକୁମାର ସାହୁ ପି:ରବିନ୍ଦ୍ର ସାହୁ ଜା: ତେଲି ବା: ଦୁର୍ଗାପୁର, ଥା - ଜଟଣୀ
			ଗ୍ରାମ ସମୁଦାୟ	19.5172	9.4081		
VILLAGE:- ନାଲିକୋଡ ଉଇଟ ଗୋପିନାଥପୁର ଗୁଡ							
1677	ନାଲିକୋଡ ଉଇଟ ଗୋପିନାଥପୁର ଗୁଡ	312	1828	1.7030	0.8280	ଦଲୁଆ	ବୁନ୍ଦାବନ ପଟ୍ଟନାୟକ, ଲକ୍ଷ୍ମୀକାନ୍ତ ପଟ୍ଟନାୟକ, ବାସୁଦେବ ପଟ୍ଟନାୟକ, ଅରକ୍ଷିତ ପଟ୍ଟନାୟକ ପି: ପ୍ରାଣକୃଷ୍ଣ ପଟ୍ଟନାୟକ, ପୂର୍ଣ୍ଣ ପଟ୍ଟନାୟକ ପି: ପ୍ରାଣକୃଷ୍ଣ ପଟ୍ଟନାୟକ, ମଧୁ ପଟ୍ଟନାୟକ, ଜଗଦୁ ପଟ୍ଟନାୟକ ପି: ନଟବର ପଟ୍ଟନାୟକ, ଉର୍ବଶୀ ପଟ୍ଟନାୟକ ସ୍ୱା: ନଟବର ପଟ୍ଟନାୟକ, ନିରଂଜନ ପଟ୍ଟନାୟକ, ଲଳିତ ପଟ୍ଟନାୟକ, ସିଦ୍ଧେଶ୍ୱର ପଟ୍ଟନାୟକ, ଗୋରୁଛନ ପଟ୍ଟନାୟକ ପି: ଗୋବିନ୍ଦ ପଟ୍ଟନାୟକ, କାଶୀ ପଟ୍ଟନାୟକ ପି: ଅନ୍ନପୂର୍ଣ୍ଣା ପଟ୍ଟନାୟକ, ଶୋଭନାଥ ପଟ୍ଟନାୟକ, ସୁମତୀ ପଟ୍ଟନାୟକ, ଯୋଗେନ୍ଦ୍ର ପଟ୍ଟନାୟକ ପି: ଜଗନ୍ନାଥ ପଟ୍ଟନାୟକ, କାମଦେବ ପଟ୍ଟନାୟକ, ବିଜୟ ପଟ୍ଟନାୟକ, ଶାନ୍ତି ପଟ୍ଟନାୟକ ପି: ଉମାପତି ପଟ୍ଟନାୟକ, ସୁଦର୍ଶନ ପଟ୍ଟନାୟକ, ପୁଷ୍ପଲତା ପଟ୍ଟନାୟକ ପି: ହେମନ୍ତ ପଟ୍ଟନାୟକ, ଶୈଳବାଳା ପଟ୍ଟନାୟକ, ଚିତ୍ତରଞ୍ଜନ ପଟ୍ଟନାୟକ ପି: ଚନ୍ଦ୍ରଶେଖର ପଟ୍ଟନାୟକ, ପ୍ରତିମା ପଟ୍ଟନାୟକ, ଶ୍ୟାମସୁନ୍ଦର ପଟ୍ଟନାୟକ, ଗୁରୁପ୍ରସାଦ ପଟ୍ଟନାୟକ, ନରେଶ ପଟ୍ଟନାୟକ, ଗଣେଶ ପଟ୍ଟନାୟକ, ଦୁର୍ଗାଦେବୀ ପଟ୍ଟନାୟକ ସ୍ୱା: ବାଇଧର ପଟ୍ଟନାୟକ, ସୁଶାନ୍ତ ପଟ୍ଟନାୟକ, ଦୀପାଞ୍ଜଳି ପଟ୍ଟନାୟକ, ଶୋଭାରାଣୀ ପଟ୍ଟନାୟକ, ମୌସୁମୀ ପଟ୍ଟନାୟକ, ଅନିତା ପଟ୍ଟନାୟକ, ସ୍ନେହଲତା ପଟ୍ଟନାୟକ, ସୁରେଖା ପଟ୍ଟନାୟକ, ଭାଗ୍ୟଲକ୍ଷ୍ମୀ ପଟ୍ଟନାୟକ, ସବିତା ପଟ୍ଟନାୟକ ଜା: କରଣ ବା: ଗୋପିନାଥପୁର ଗୁଡ
1678	ନାଲିକୋଡ ଉଇଟ ଗୋପିନାଥପୁର ଗୁଡ	312	1838	0.8295	0.3360	ଦଲୁଆ	ବୁନ୍ଦାବନ ପଟ୍ଟନାୟକ, ଲକ୍ଷ୍ମୀକାନ୍ତ ପଟ୍ଟନାୟକ, ବାସୁଦେବ ପଟ୍ଟନାୟକ, ଅରକ୍ଷିତ ପଟ୍ଟନାୟକ ପି: ପ୍ରାଣକୃଷ୍ଣ ପଟ୍ଟନାୟକ, ପୂର୍ଣ୍ଣ ପଟ୍ଟନାୟକ ପି: ପ୍ରାଣକୃଷ୍ଣ ପଟ୍ଟନାୟକ, ମଧୁ ପଟ୍ଟନାୟକ, ଜଗଦୁ ପଟ୍ଟନାୟକ ପି: ନଟବର ପଟ୍ଟନାୟକ, ଉର୍ବଶୀ ପଟ୍ଟନାୟକ ସ୍ୱା: ନଟବର ପଟ୍ଟନାୟକ, ନିରଂଜନ ପଟ୍ଟନାୟକ, ଲଳିତ ପଟ୍ଟନାୟକ, ସିଦ୍ଧେଶ୍ୱର ପଟ୍ଟନାୟକ, ଗୋରୁଛନ ପଟ୍ଟନାୟକ ପି: ଗୋବିନ୍ଦ ପଟ୍ଟନାୟକ, କାଶୀ ପଟ୍ଟନାୟକ ପି: ଅନ୍ନପୂର୍ଣ୍ଣା ପଟ୍ଟନାୟକ, ଶୋଭନାଥ ପଟ୍ଟନାୟକ, ସୁମତୀ ପଟ୍ଟନାୟକ, ଯୋଗେନ୍ଦ୍ର ପଟ୍ଟନାୟକ ପି: ଜଗନ୍ନାଥ ପଟ୍ଟନାୟକ, କାମଦେବ ପଟ୍ଟନାୟକ, ବିଜୟ ପଟ୍ଟନାୟକ, ଶାନ୍ତି ପଟ୍ଟନାୟକ ପି: ଉମାପତି ପଟ୍ଟନାୟକ, ସୁଦର୍ଶନ ପଟ୍ଟନାୟକ, ପୁଷ୍ପଲତା ପଟ୍ଟନାୟକ ପି: ହେମନ୍ତ ପଟ୍ଟନାୟକ, ଶୈଳବାଳା ପଟ୍ଟନାୟକ, ଚିତ୍ତରଞ୍ଜନ ପଟ୍ଟନାୟକ ପି: ଚନ୍ଦ୍ରଶେଖର ପଟ୍ଟନାୟକ, ପ୍ରତିମା ପଟ୍ଟନାୟକ, ଶ୍ୟାମସୁନ୍ଦର ପଟ୍ଟନାୟକ, ଗୁରୁପ୍ରସାଦ ପଟ୍ଟନାୟକ, ନରେଶ ପଟ୍ଟନାୟକ, ଗଣେଶ ପଟ୍ଟନାୟକ, ଦୁର୍ଗାଦେବୀ ପଟ୍ଟନାୟକ ସ୍ୱା: ବାଇଧର ପଟ୍ଟନାୟକ, ସୁଶାନ୍ତ ପଟ୍ଟନାୟକ, ଦୀପାଞ୍ଜଳି ପଟ୍ଟନାୟକ, ଶୋଭାରାଣୀ ପଟ୍ଟନାୟକ, ମୌସୁମୀ ପଟ୍ଟନାୟକ, ଅନିତା ପଟ୍ଟନାୟକ, ସ୍ନେହଲତା ପଟ୍ଟନାୟକ, ସୁରେଖା ପଟ୍ଟନାୟକ, ଭାଗ୍ୟଲକ୍ଷ୍ମୀ ପଟ୍ଟନାୟକ, ସବିତା ପଟ୍ଟନାୟକ ଜା: କରଣ ବା: ଗୋପିନାଥପୁର ଗୁଡ
1679	ନାଲିକୋଡ ଉଇଟ ଗୋପିନାଥପୁର ଗୁଡ	312	1941	0.4600	0.4600	ଦଲୁଆ	ବୁନ୍ଦାବନ ପଟ୍ଟନାୟକ, ଲକ୍ଷ୍ମୀକାନ୍ତ ପଟ୍ଟନାୟକ, ବାସୁଦେବ ପଟ୍ଟନାୟକ, ଅରକ୍ଷିତ ପଟ୍ଟନାୟକ ପି: ପ୍ରାଣକୃଷ୍ଣ ପଟ୍ଟନାୟକ, ପୂର୍ଣ୍ଣ ପଟ୍ଟନାୟକ ପି: ପ୍ରାଣକୃଷ୍ଣ ପଟ୍ଟନାୟକ, ମଧୁ ପଟ୍ଟନାୟକ, ଜଗଦୁ ପଟ୍ଟନାୟକ ପି: ନଟବର ପଟ୍ଟନାୟକ, ଉର୍ବଶୀ ପଟ୍ଟନାୟକ ସ୍ୱା: ନଟବର ପଟ୍ଟନାୟକ, ନିରଂଜନ ପଟ୍ଟନାୟକ, ଲଳିତ ପଟ୍ଟନାୟକ, ସିଦ୍ଧେଶ୍ୱର ପଟ୍ଟନାୟକ, ଗୋରୁଛନ ପଟ୍ଟନାୟକ ପି: ଗୋବିନ୍ଦ ପଟ୍ଟନାୟକ, କାଶୀ ପଟ୍ଟନାୟକ ପି: ଅନ୍ନପୂର୍ଣ୍ଣା ପଟ୍ଟନାୟକ, ଶୋଭନାଥ ପଟ୍ଟନାୟକ, ସୁମତୀ ପଟ୍ଟନାୟକ, ଯୋଗେନ୍ଦ୍ର ପଟ୍ଟନାୟକ ପି: ଜଗନ୍ନାଥ ପଟ୍ଟନାୟକ, କାମଦେବ ପଟ୍ଟନାୟକ, ବିଜୟ ପଟ୍ଟନାୟକ, ଶାନ୍ତି ପଟ୍ଟନାୟକ ପି: ଉମାପତି ପଟ୍ଟନାୟକ, ସୁଦର୍ଶନ ପଟ୍ଟନାୟକ, ପୁଷ୍ପଲତା ପଟ୍ଟନାୟକ ପି: ହେମନ୍ତ ପଟ୍ଟନାୟକ, ଶୈଳବାଳା ପଟ୍ଟନାୟକ, ଚିତ୍ତରଞ୍ଜନ ପଟ୍ଟନାୟକ ପି: ଚନ୍ଦ୍ରଶେଖର ପଟ୍ଟନାୟକ, ପ୍ରତିମା ପଟ୍ଟନାୟକ, ଶ୍ୟାମସୁନ୍ଦର ପଟ୍ଟନାୟକ, ଗୁରୁପ୍ରସାଦ ପଟ୍ଟନାୟକ, ନରେଶ ପଟ୍ଟନାୟକ, ଗଣେଶ ପଟ୍ଟନାୟକ, ଦୁର୍ଗାଦେବୀ ପଟ୍ଟନାୟକ ସ୍ୱା: ବାଇଧର ପଟ୍ଟନାୟକ, ସୁଶାନ୍ତ ପଟ୍ଟନାୟକ, ଦୀପାଞ୍ଜଳି ପଟ୍ଟନାୟକ, ଶୋଭାରାଣୀ ପଟ୍ଟନାୟକ, ମୌସୁମୀ ପଟ୍ଟନାୟକ, ଅନିତା ପଟ୍ଟନାୟକ, ସ୍ନେହଲତା ପଟ୍ଟନାୟକ, ସୁରେଖା ପଟ୍ଟନାୟକ, ଭାଗ୍ୟଲକ୍ଷ୍ମୀ ପଟ୍ଟନାୟକ, ସବିତା ପଟ୍ଟନାୟକ ଜା: କରଣ ବା: ଗୋପିନାଥପୁର ଗୁଡ
1680	ନାଲିକୋଡ ଉଇଟ ଗୋପିନାଥପୁର ଗୁଡ	312	1941	0.4600	0.4600	ଦଲୁଆ	ବୁନ୍ଦାବନ ପଟ୍ଟନାୟକ, ଲକ୍ଷ୍ମୀକାନ୍ତ ପଟ୍ଟନାୟକ, ବାସୁଦେବ ପଟ୍ଟନାୟକ, ଅରକ୍ଷିତ ପଟ୍ଟନାୟକ ପି: ପ୍ରାଣକୃଷ୍ଣ ପଟ୍ଟନାୟକ, ପୂର୍ଣ୍ଣ ପଟ୍ଟନାୟକ ପି: ପ୍ରାଣକୃଷ୍ଣ ପଟ୍ଟନାୟକ, ମଧୁ ପଟ୍ଟନାୟକ, ଜଗଦୁ ପଟ୍ଟନାୟକ ପି: ନଟବର ପଟ୍ଟନାୟକ, ଉର୍ବଶୀ ପଟ୍ଟନାୟକ ସ୍ୱା: ନଟବର ପଟ୍ଟନାୟକ, ନିରଂଜନ ପଟ୍ଟନାୟକ, ଲଳିତ ପଟ୍ଟନାୟକ, ସିଦ୍ଧେଶ୍ୱର ପଟ୍ଟନାୟକ, ଗୋରୁଛନ ପଟ୍ଟନାୟକ ପି: ଗୋବିନ୍ଦ ପଟ୍ଟନାୟକ, କାଶୀ ପଟ୍ଟନାୟକ ପି: ଅନ୍ନପୂର୍ଣ୍ଣା ପଟ୍ଟନାୟକ, ଶୋଭନାଥ ପଟ୍ଟନାୟକ, ସୁମତୀ ପଟ୍ଟନାୟକ, ଯୋଗେନ୍ଦ୍ର ପଟ୍ଟନାୟକ ପି: ଜଗନ୍ନାଥ ପଟ୍ଟନାୟକ, କାମଦେବ ପଟ୍ଟନାୟକ, ବିଜୟ ପଟ୍ଟନାୟକ, ଶାନ୍ତି ପଟ୍ଟନାୟକ ପି: ଉମାପତି ପଟ୍ଟନାୟକ, ସୁଦର୍ଶନ ପଟ୍ଟନାୟକ, ପୁଷ୍ପଲତା ପଟ୍ଟନାୟକ ପି: ହେମନ୍ତ ପଟ୍ଟନାୟକ, ଶୈଳବାଳା ପଟ୍ଟନାୟକ, ଚିତ୍ତରଞ୍ଜନ ପଟ୍ଟନାୟକ ପି: ଚନ୍ଦ୍ରଶେଖର ପଟ୍ଟନାୟକ, ପ୍ରତିମା ପଟ୍ଟନାୟକ, ଶ୍ୟାମସୁନ୍ଦର ପଟ୍ଟନାୟକ, ଗୁରୁପ୍ରସାଦ ପଟ୍ଟନାୟକ, ନରେଶ ପଟ୍ଟନାୟକ, ଗଣେଶ ପଟ୍ଟନାୟକ, ଦୁର୍ଗାଦେବୀ ପଟ୍ଟନାୟକ ସ୍ୱା: ବାଇଧର ପଟ୍ଟନାୟକ, ସୁଶାନ୍ତ ପଟ୍ଟନାୟକ, ଦୀପାଞ୍ଜଳି ପଟ୍ଟନାୟକ, ଶୋଭାରାଣୀ ପଟ୍ଟନାୟକ, ମୌସୁମୀ ପଟ୍ଟନାୟକ, ଅନିତା ପଟ୍ଟନାୟକ, ସ୍ନେହଲତା ପଟ୍ଟନାୟକ, ସୁରେଖା ପଟ୍ଟନାୟକ, ଭାଗ୍ୟଲକ୍ଷ୍ମୀ ପଟ୍ଟନାୟକ, ସବିତା ପଟ୍ଟନାୟକ ଜା: କରଣ ବା: ଗୋପିନାଥପୁର ଗୁଡ
1681	ନାଲିକୋଡ ଉଇଟ ଗୋପିନାଥପୁର ଗୁଡ	147	1943	0.4050	0.0930	ଦଲୁଆ	ପାଣ୍ଡାଳା ପଟ୍ଟନାୟକ, ରଘୁ ପଟ୍ଟନାୟକ, ଲକ୍ଷ୍ମୀ ପଟ୍ଟନାୟକ, ଦାଶରଥି ପଟ୍ଟନାୟକ ପି: ଦାଶରଥି ପଟ୍ଟନାୟକ, ପଦ୍ମଲୋଚନ ପଟ୍ଟନାୟକ, ମହାନନ୍ଦ ପଟ୍ଟନାୟକ, ଗୋପାଳ ପଟ୍ଟନାୟକ, କାଳିଚରଣ ପଟ୍ଟନାୟକ, ଚିନ୍ତାମଣି ପଟ୍ଟନାୟକ ପି: ଚିନ୍ତାମଣି ପଟ୍ଟନାୟକ, କାଶୀନାଥ ପଟ୍ଟନାୟକ, ସଚ୍ଚିଦାନନ୍ଦ ପଟ୍ଟନାୟକ, ସାରଥି ପଟ୍ଟନାୟକ, କୁଳମଣି ପଟ୍ଟନାୟକ, ଶରତ ପଟ୍ଟନାୟକ, ଭାଗବତ ପଟ୍ଟନାୟକ ପି: ସୁରେନ୍ଦ୍ର ପଟ୍ଟନାୟକ ଜା: କରଣ ବା: ଗୋପିନାଥପୁର ଗୁଡ
1682	ନାଲିକୋଡ ଉଇଟ ଗୋପିନାଥପୁର ଗୁଡ	147	1944	0.0390	0.0390	ଦଲୁଆ	ପାଣ୍ଡାଳା ପଟ୍ଟନାୟକ, ରଘୁ ପଟ୍ଟନାୟକ, ଲକ୍ଷ୍ମୀ ପଟ୍ଟନାୟକ, ଦାଶରଥି ପଟ୍ଟନାୟକ ପି: ଦାଶରଥି ପଟ୍ଟନାୟକ, ପଦ୍ମଲୋଚନ ପଟ୍ଟନାୟକ, ମହାନନ୍ଦ ପଟ୍ଟନାୟକ, ଗୋପାଳ ପଟ୍ଟନାୟକ, କାଳିଚରଣ ପଟ୍ଟନାୟକ, ଚିନ୍ତାମଣି ପଟ୍ଟନାୟକ ପି: ଚିନ୍ତାମଣି ପଟ୍ଟନାୟକ, କାଶୀନାଥ ପଟ୍ଟନାୟକ, ସଚ୍ଚିଦାନନ୍ଦ ପଟ୍ଟନାୟକ, ସାରଥି ପଟ୍ଟନାୟକ, କୁଳମଣି ପଟ୍ଟନାୟକ, ଶରତ ପଟ୍ଟନାୟକ, ଭାଗବତ ପଟ୍ଟନାୟକ ପି: ସୁରେନ୍ଦ୍ର ପଟ୍ଟନାୟକ ଜା: କରଣ ବା: ଗୋପିନାଥପୁର ଗୁଡ
1683	ନାଲିକୋଡ ଉଇଟ ଗୋପିନାଥପୁର ଗୁଡ	51	1945	0.0480	0.0480	ଦଲୁଆ	ରଘୁନାଥ ପଟ୍ଟନାୟକ, ନରସିଂହ ପଟ୍ଟନାୟକ, ମହେଶ ପଟ୍ଟନାୟକ, ଲକ୍ଷ୍ମୀଧର ପଟ୍ଟନାୟକ ପି: କୃଷ୍ଣଚନ୍ଦ୍ର ପଟ୍ଟନାୟକ, ଗୋପାଳ ପଟ୍ଟନାୟକ, ରାଧାକାନ୍ତ ପଟ୍ଟନାୟକ, ରବିନ୍ଦ୍ର ପଟ୍ଟନାୟକ, ସୁରେନ୍ଦ୍ର ପଟ୍ଟନାୟକ, ଦିଲ୍ଲୀପ ପଟ୍ଟନାୟକ, ରମେଶ ପଟ୍ଟନାୟକ ପି: ଶ୍ୟାମସୁନ୍ଦର ପଟ୍ଟନାୟକ ଜା: କରଣ ବା: ଗୋପିନାଥପୁର ଗୁଡ
